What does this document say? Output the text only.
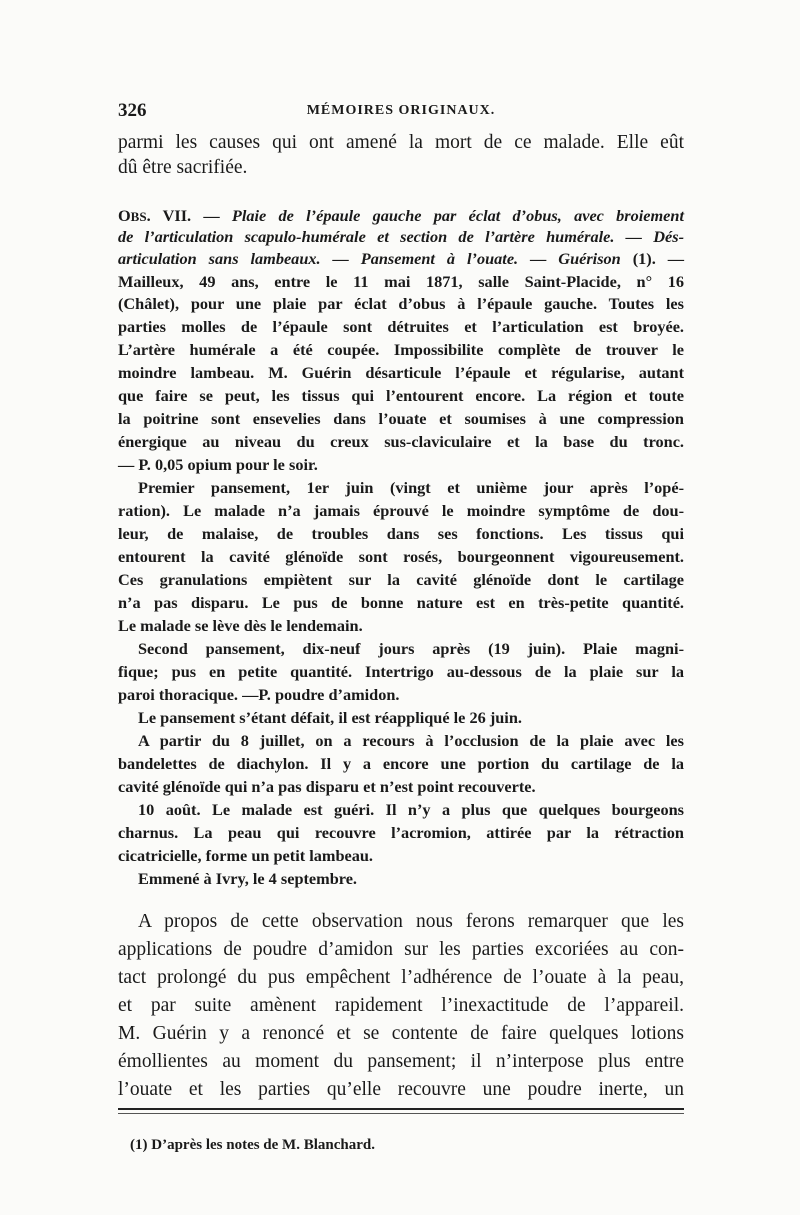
326	MÉMOIRES ORIGINAUX.
parmi les causes qui ont amené la mort de ce malade. Elle eût
dû être sacrifiée.
OBS. VII. — Plaie de l’épaule gauche par éclat d’obus, avec broiement
de l’articulation scapulo-humérale et section de l’artère humérale. — Dés-
articulation sans lambeaux. — Pansement à l’ouate. — Guérison (1). —
Mailleux, 49 ans, entre le 11 mai 1871, salle Saint-Placide, n° 16
(Châlet), pour une plaie par éclat d’obus à l’épaule gauche. Toutes les
parties molles de l’épaule sont détruites et l’articulation est broyée.
L’artère humérale a été coupée. Impossibilite complète de trouver le
moindre lambeau. M. Guérin désarticule l’épaule et régularise, autant
que faire se peut, les tissus qui l’entourent encore. La région et toute
la poitrine sont ensevelies dans l’ouate et soumises à une compression
énergique au niveau du creux sus-claviculaire et la base du tronc.
— P. 0,05 opium pour le soir.
Premier pansement, 1er juin (vingt et unième jour après l’opé-
ration). Le malade n’a jamais éprouvé le moindre symptôme de dou-
leur, de malaise, de troubles dans ses fonctions. Les tissus qui
entourent la cavité glénoïde sont rosés, bourgeonnent vigoureusement.
Ces granulations empiètent sur la cavité glénoïde dont le cartilage
n’a pas disparu. Le pus de bonne nature est en très-petite quantité.
Le malade se lève dès le lendemain.
Second pansement, dix-neuf jours après (19 juin). Plaie magni-
fique; pus en petite quantité. Intertrigo au-dessous de la plaie sur la
paroi thoracique. —P. poudre d’amidon.
Le pansement s’étant défait, il est réappliqué le 26 juin.
A partir du 8 juillet, on a recours à l’occlusion de la plaie avec les
bandelettes de diachylon. Il y a encore une portion du cartilage de la
cavité glénoïde qui n’a pas disparu et n’est point recouverte.
10 août. Le malade est guéri. Il n’y a plus que quelques bourgeons
charnus. La peau qui recouvre l’acromion, attirée par la rétraction
cicatricielle, forme un petit lambeau.
Emmené à Ivry, le 4 septembre.
A propos de cette observation nous ferons remarquer que les
applications de poudre d’amidon sur les parties excoriées au con-
tact prolongé du pus empêchent l’adhérence de l’ouate à la peau,
et par suite amènent rapidement l’inexactitude de l’appareil.
M. Guérin y a renoncé et se contente de faire quelques lotions
émollientes au moment du pansement; il n’interpose plus entre
l’ouate et les parties qu’elle recouvre une poudre inerte, un
(1) D’après les notes de M. Blanchard.
